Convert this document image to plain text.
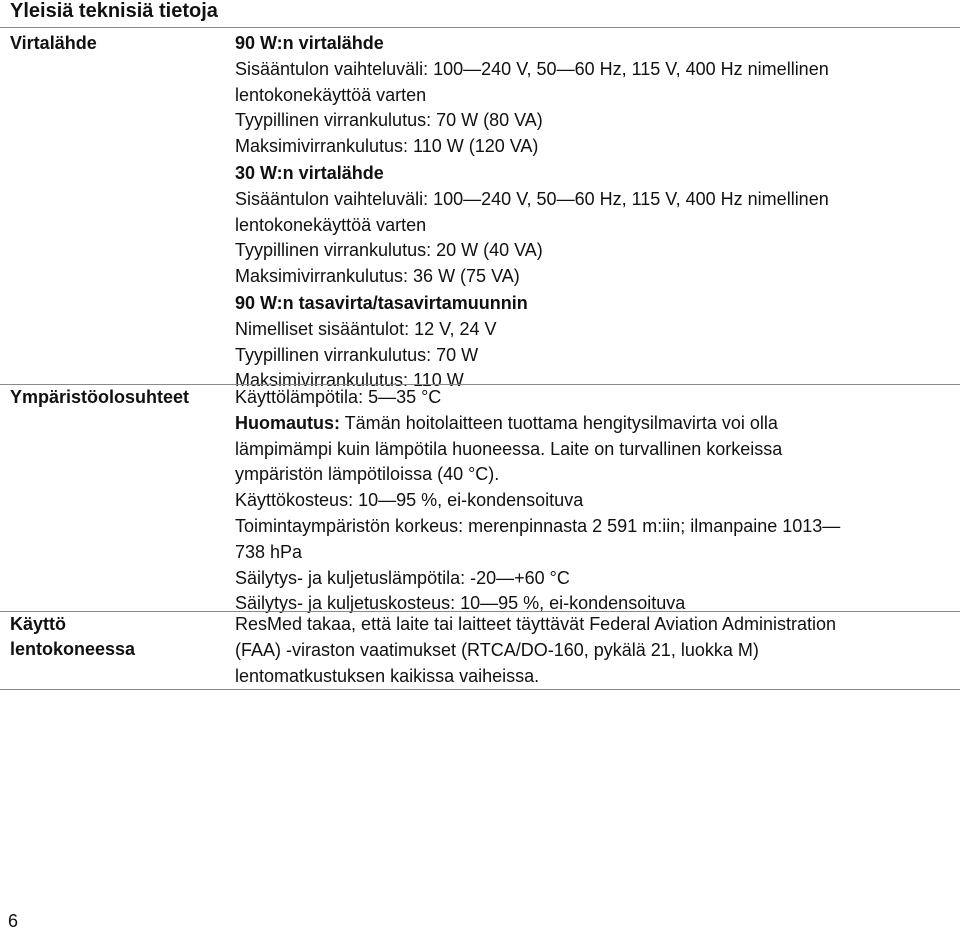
Yleisiä teknisiä tietoja
Virtalähde	90 W:n virtalähde
Sisääntulon vaihteluväli: 100—240 V, 50—60 Hz, 115 V, 400 Hz nimellinen
lentokonekäyttöä varten
Tyypillinen virrankulutus: 70 W (80 VA)
Maksimivirrankulutus: 110 W (120 VA)
30 W:n virtalähde
Sisääntulon vaihteluväli: 100—240 V, 50—60 Hz, 115 V, 400 Hz nimellinen
lentokonekäyttöä varten
Tyypillinen virrankulutus: 20 W (40 VA)
Maksimivirrankulutus: 36 W (75 VA)
90 W:n tasavirta/tasavirtamuunnin
Nimelliset sisääntulot: 12 V, 24 V
Tyypillinen virrankulutus: 70 W
Maksimivirrankulutus: 110 W
Ympäristöolosuhteet	Käyttölämpötila: 5—35 °C
Huomautus: Tämän hoitolaitteen tuottama hengitysilmavirta voi olla
lämpimämpi kuin lämpötila huoneessa. Laite on turvallinen korkeissa
ympäristön lämpötiloissa (40 °C).
Käyttökosteus: 10—95 %, ei-kondensoituva
Toimintaympäristön korkeus: merenpinnasta 2 591 m:iin; ilmanpaine 1013—
738 hPa
Säilytys- ja kuljetuslämpötila: -20—+60 °C
Säilytys- ja kuljetuskosteus: 10—95 %, ei-kondensoituva
Käyttö
lentokoneessa
ResMed takaa, että laite tai laitteet täyttävät Federal Aviation Administration
(FAA) -viraston vaatimukset (RTCA/DO-160, pykälä 21, luokka M)
lentomatkustuksen kaikissa vaiheissa.
6
